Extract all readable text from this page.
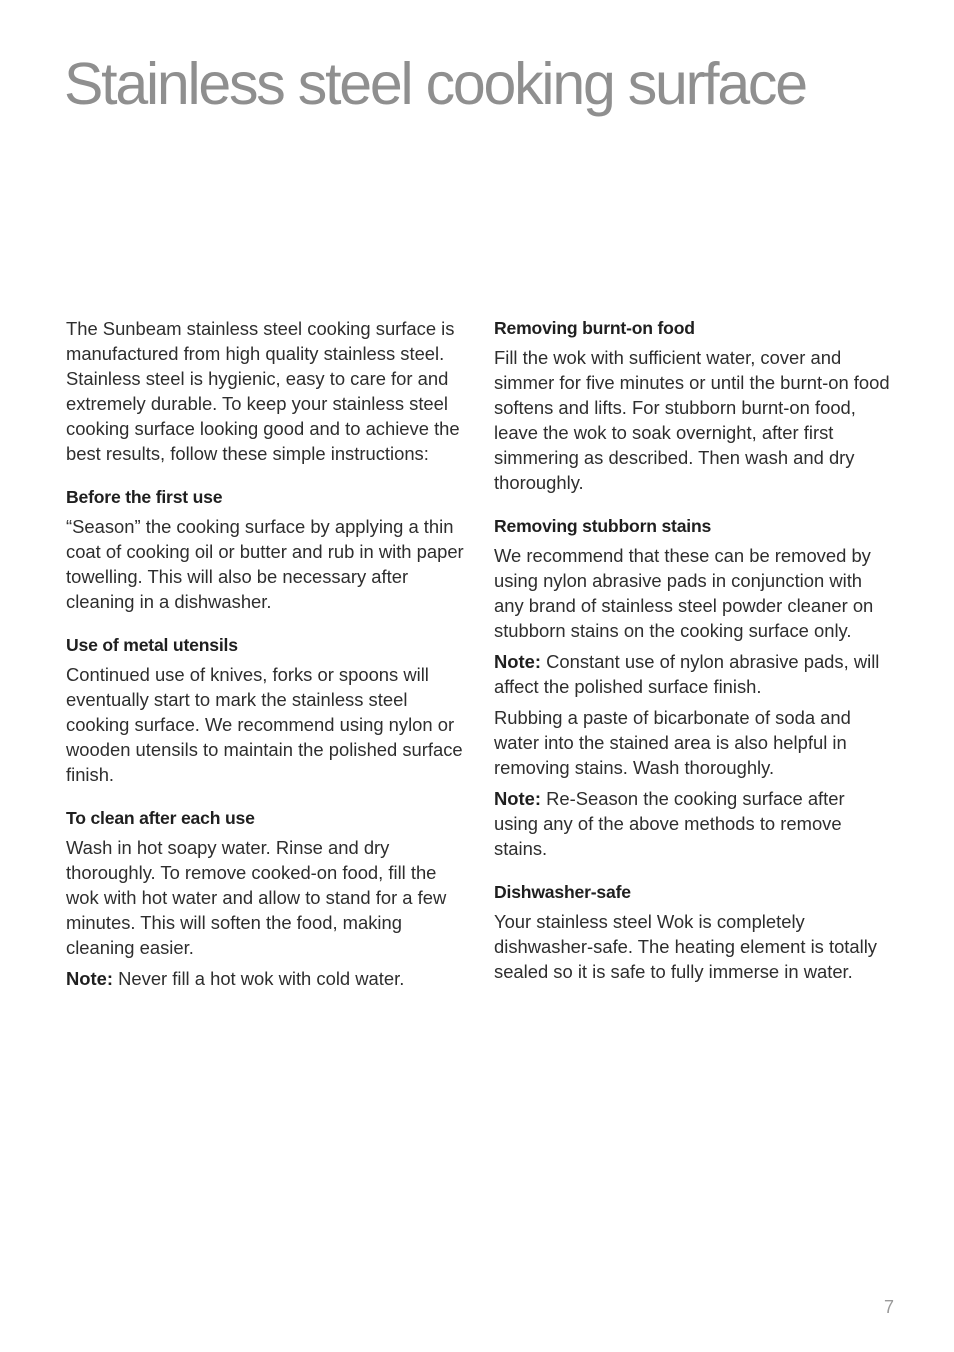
Stainless steel cooking surface

The Sunbeam stainless steel cooking surface is manufactured from high quality stainless steel. Stainless steel is hygienic, easy to care for and extremely durable. To keep your stainless steel cooking surface looking good and to achieve the best results, follow these simple instructions:

Before the first use

“Season” the cooking surface by applying a thin coat of cooking oil or butter and rub in with paper towelling. This will also be necessary after cleaning in a dishwasher.

Use of metal utensils

Continued use of knives, forks or spoons will eventually start to mark the stainless steel cooking surface. We recommend using nylon or wooden utensils to maintain the polished surface finish.

To clean after each use

Wash in hot soapy water. Rinse and dry thoroughly. To remove cooked-on food, fill the wok with hot water and allow to stand for a few minutes. This will soften the food, making cleaning easier.

Note: Never fill a hot wok with cold water.

Removing burnt-on food

Fill the wok with sufficient water, cover and simmer for five minutes or until the burnt-on food softens and lifts. For stubborn burnt-on food, leave the wok to soak overnight, after first simmering as described. Then wash and dry thoroughly.

Removing stubborn stains

We recommend that these can be removed by using nylon abrasive pads in conjunction with any brand of stainless steel powder cleaner on stubborn stains on the cooking surface only.

Note: Constant use of nylon abrasive pads, will affect the polished surface finish.

Rubbing a paste of bicarbonate of soda and water into the stained area is also helpful in removing stains. Wash thoroughly.

Note: Re-Season the cooking surface after using any of the above methods to remove stains.

Dishwasher-safe

Your stainless steel Wok is completely dishwasher-safe. The heating element is totally sealed so it is safe to fully immerse in water.

7
